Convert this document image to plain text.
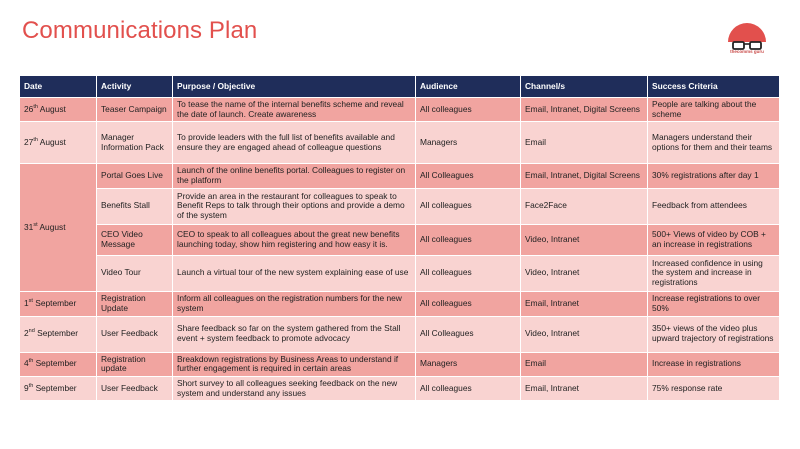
Communications Plan
thecomms guru
Date	Activity	Purpose / Objective	Audience	Channel/s	Success Criteria
26th August	Teaser Campaign	To tease the name of the internal benefits scheme and reveal the date of launch. Create awareness	All colleagues	Email, Intranet, Digital Screens	People are talking about the scheme
27th August	Manager Information Pack	To provide leaders with the full list of benefits available and ensure they are engaged ahead of colleague questions	Managers	Email	Managers understand their options for them and their teams
31st August	Portal Goes Live	Launch of the online benefits portal. Colleagues to register on the platform	All Colleagues	Email, Intranet, Digital Screens	30% registrations after day 1
	Benefits Stall	Provide an area in the restaurant for colleagues to speak to Benefit Reps to talk through their options and provide a demo of the system	All colleagues	Face2Face	Feedback from attendees
	CEO Video Message	CEO to speak to all colleagues about the great new benefits launching today, show him registering and how easy it is.	All colleagues	Video, Intranet	500+ Views of video by COB + an increase in registrations
	Video Tour	Launch a virtual tour of the new system explaining ease of use	All colleagues	Video, Intranet	Increased confidence in using the system and increase in registrations
1st September	Registration Update	Inform all colleagues on the registration numbers for the new system	All colleagues	Email, Intranet	Increase registrations to over 50%
2nd September	User Feedback	Share feedback so far on the system gathered from the Stall event + system feedback to promote advocacy	All Colleagues	Video, Intranet	350+ views of the video plus upward trajectory of registrations
4th September	Registration update	Breakdown registrations by Business Areas to understand if further engagement is required in certain areas	Managers	Email	Increase in registrations
9th September	User Feedback	Short survey to all colleagues seeking feedback on the new system and understand any issues	All colleagues	Email, Intranet	75% response rate
